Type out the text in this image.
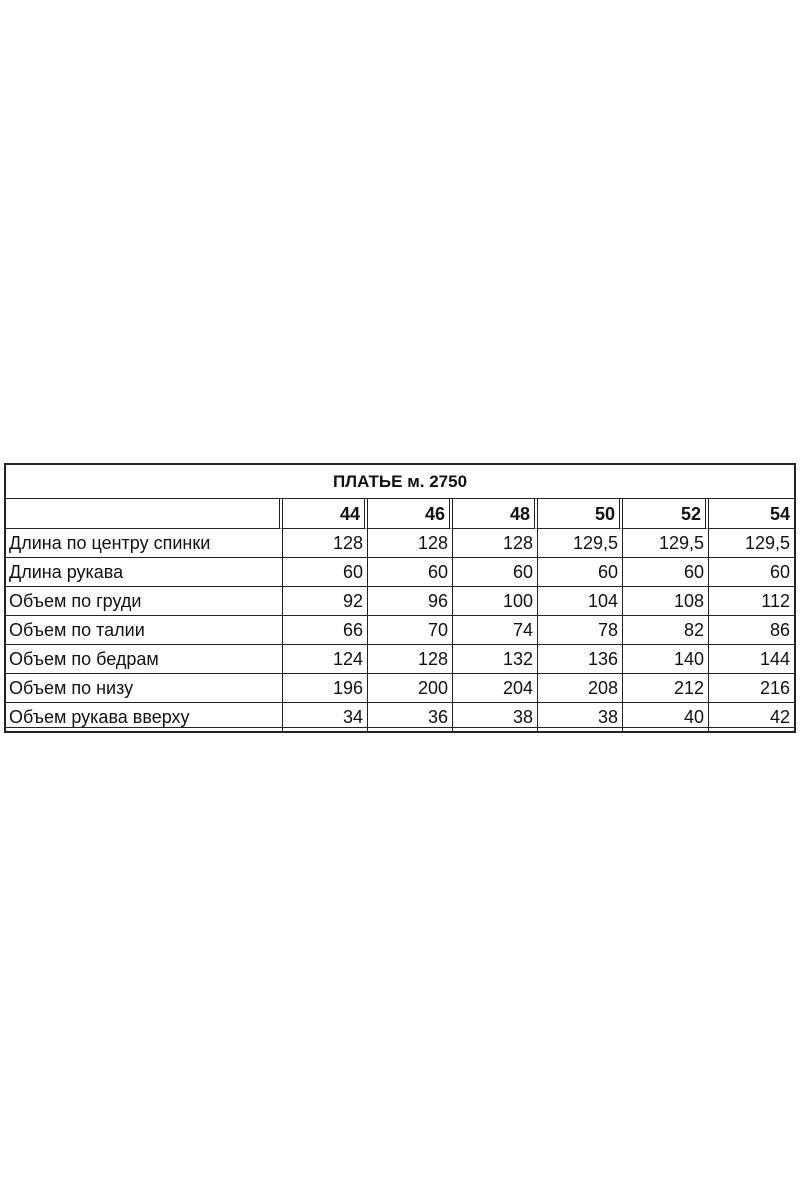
ПЛАТЬЕ м. 2750
	44	46	48	50	52	54
Длина по центру спинки	128	128	128	129,5	129,5	129,5
Длина рукава	60	60	60	60	60	60
Объем по груди	92	96	100	104	108	112
Объем по талии	66	70	74	78	82	86
Объем по бедрам	124	128	132	136	140	144
Объем по низу	196	200	204	208	212	216
Объем рукава вверху	34	36	38	38	40	42
